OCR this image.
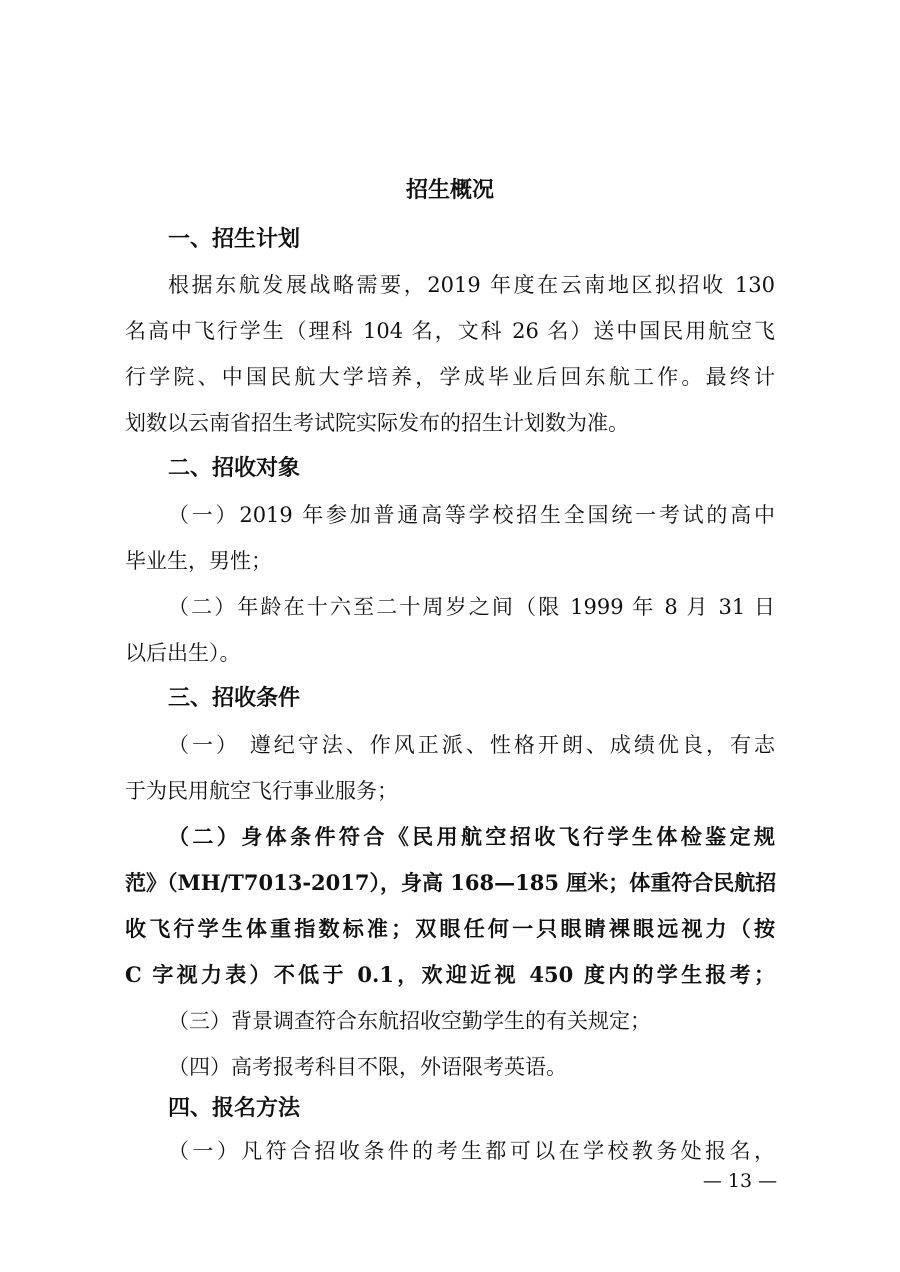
招生概况
一、招生计划
根据东航发展战略需要，2019 年度在云南地区拟招收 130
名高中飞行学生（理科 104 名，文科 26 名）送中国民用航空飞
行学院、中国民航大学培养，学成毕业后回东航工作。最终计
划数以云南省招生考试院实际发布的招生计划数为准。
二、招收对象
（一）2019 年参加普通高等学校招生全国统一考试的高中
毕业生，男性；
（二）年龄在十六至二十周岁之间（限 1999 年 8 月 31 日
以后出生）。
三、招收条件
（一） 遵纪守法、作风正派、性格开朗、成绩优良，有志
于为民用航空飞行事业服务；
（二）身体条件符合《民用航空招收飞行学生体检鉴定规
范》（MH/T7013-2017），身高 168—185 厘米；体重符合民航招
收飞行学生体重指数标准；双眼任何一只眼睛裸眼远视力（按
C 字视力表）不低于 0.1，欢迎近视 450 度内的学生报考；
（三）背景调查符合东航招收空勤学生的有关规定；
（四）高考报考科目不限，外语限考英语。
四、报名方法
（一）凡符合招收条件的考生都可以在学校教务处报名，
— 13 —
